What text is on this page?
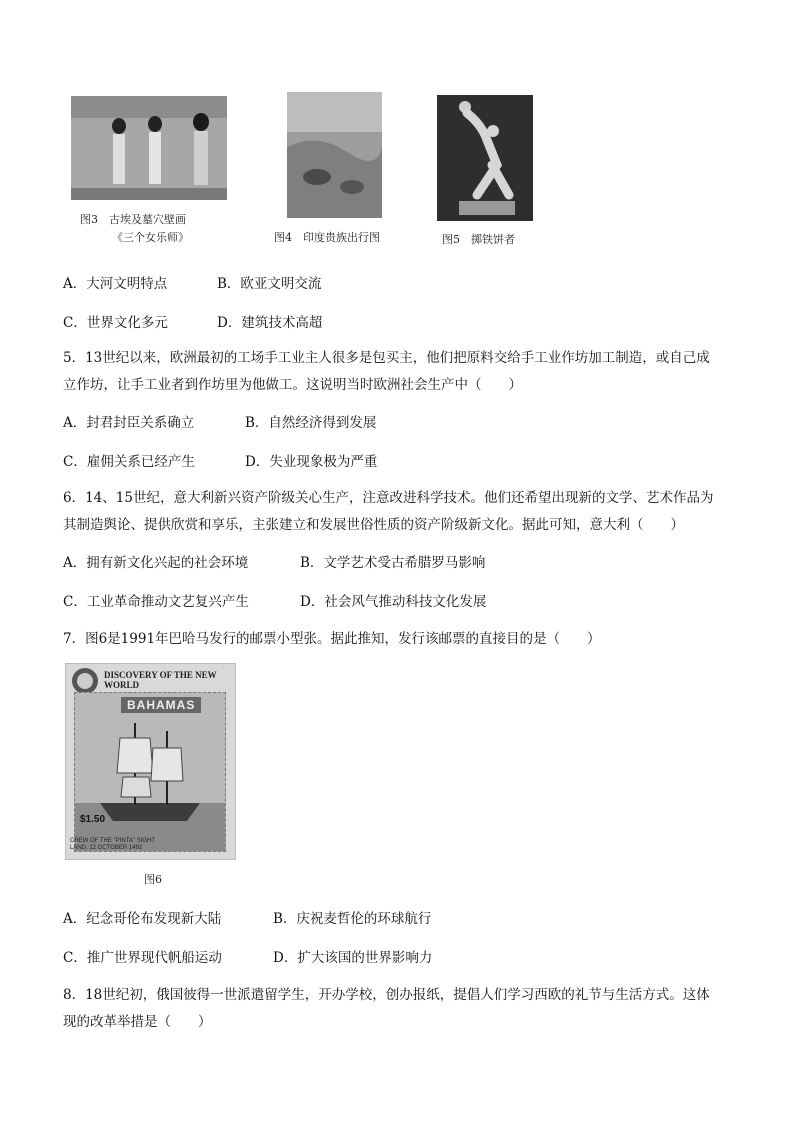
图3　古埃及墓穴壁画
《三个女乐师》	图4　印度贵族出行图	图5　掷铁饼者
A．大河文明特点	B．欧亚文明交流
C．世界文化多元	D．建筑技术高超
5．13世纪以来，欧洲最初的工场手工业主人很多是包买主，他们把原料交给手工业作坊加工制造，或自己成
立作坊，让手工业者到作坊里为他做工。这说明当时欧洲社会生产中（　　）
A．封君封臣关系确立	B．自然经济得到发展
C．雇佣关系已经产生	D．失业现象极为严重
6．14、15世纪，意大利新兴资产阶级关心生产，注意改进科学技术。他们还希望出现新的文学、艺术作品为
其制造舆论、提供欣赏和享乐，主张建立和发展世俗性质的资产阶级新文化。据此可知，意大利（　　）
A．拥有新文化兴起的社会环境	B．文学艺术受古希腊罗马影响
C．工业革命推动文艺复兴产生	D．社会风气推动科技文化发展
7．图6是1991年巴哈马发行的邮票小型张。据此推知，发行该邮票的直接目的是（　　）
DISCOVERY OF THE NEW WORLD
BAHAMAS
$1.50
CREW OF THE "PINTA" SIGHT
LAND, 12 OCTOBER 1492
图6
A．纪念哥伦布发现新大陆	B．庆祝麦哲伦的环球航行
C．推广世界现代帆船运动	D．扩大该国的世界影响力
8．18世纪初，俄国彼得一世派遣留学生，开办学校，创办报纸，提倡人们学习西欧的礼节与生活方式。这体
现的改革举措是（　　）
